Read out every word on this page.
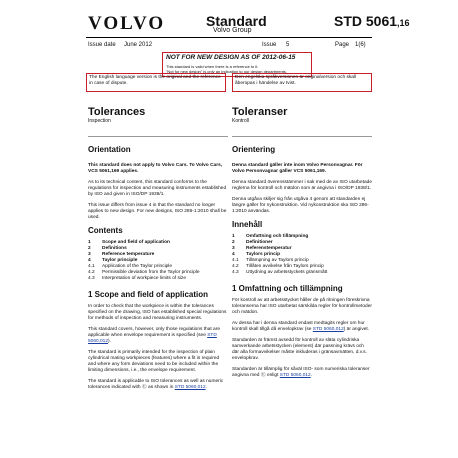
VOLVO	Standard
Volvo Group
STD 5061,16
Issue date June 2012	Issue 5	Page 1(6)
NOT FOR NEW DESIGN AS OF 2012-06-15
This standard is valid when there is a reference to it.
"Not for new design" is only an indication to our design departments.
The English language version is the original and the reference in case of dispute.
Den engelska språkversionen är originalversion och skall åberopas i händelse av tvist.
Tolerances
Inspection
Orientation

This standard does not apply to Volvo Cars. To Volvo Cars, VCS 5061,169 applies.

As to its technical content, this standard conforms to the regulations for inspection and measuring instruments established by ISO and given in ISO/DP 1938/1.

This issue differs from issue 4 in that the standard no longer applies to new design. For new designs, ISO 286-1:2010 shall be used.

Contents
1	Scope and field of application
2	Definitions
3	Reference temperature
4	Taylor principle
4.1	Application of the Taylor principle
4.2	Permissible deviation from the Taylor principle
4.3	Interpretation of workpiece limits of size
1 Scope and field of application

In order to check that the workpiece is within the tolerances specified on the drawing, ISO has established special regulations for methods of inspection and measuring instruments.

This standard covers, however, only those regulations that are applicable when envelope requirement is specified (see STD 5060,012).

The standard is primarily intended for the inspection of plain cylindrical mating workpieces (features) where a fit is required and where any form deviations need to be included within the limiting dimensions, i.e., the envelope requirement.

The standard is applicable to ISO tolerances as well as numeric tolerances indicated with Ⓔ as shown in STD 5060,012.

Toleranser
Kontroll
Orientering

Denna standard gäller inte inom Volvo Personvagnar. För Volvo Personvagnar gäller VCS 5061,169.

Denna standard överensstämmer i sak med de av ISO utarbetade reglerna för kontroll och mätdon som är angivna i ISO/DP 1938/1.

Denna utgåva skiljer sig från utgåva 4 genom att standarden ej längre gäller för nykonstruktion. Vid nykonstruktion ska ISO 286-1:2010 användas.

Innehåll
1	Omfattning och tillämpning
2	Definitioner
3	Referenstemperatur
4	Taylors princip
4.1	Tillämpning av Taylors princip
4.2	Tillåten avvikelse från Taylors princip
4.3	Uttydning av arbetsstyckets gränsmått
1 Omfattning och tillämpning

För kontroll av att arbetsstycket håller de på ritningen föreskrivna toleranserna har ISO utarbetat särskilda regler för kontrollmetoder och mätdon.

Av dessa har i denna standard endast medtagits regler om hur kontroll skall tillgå då envelopkrav (se STD 5060,012) är angivet.

Standarden är främst avsedd för kontroll av släta cylindriska samverkande arbetsstycken (element) där passning krävs och där alla formavvikelser måste inkluderas i gränsavmätten, d.v.s. envelopkrav.

Standarden är tillämplig för såväl ISO- som numeriska toleranser angivna med Ⓔ enligt STD 5060,012.
